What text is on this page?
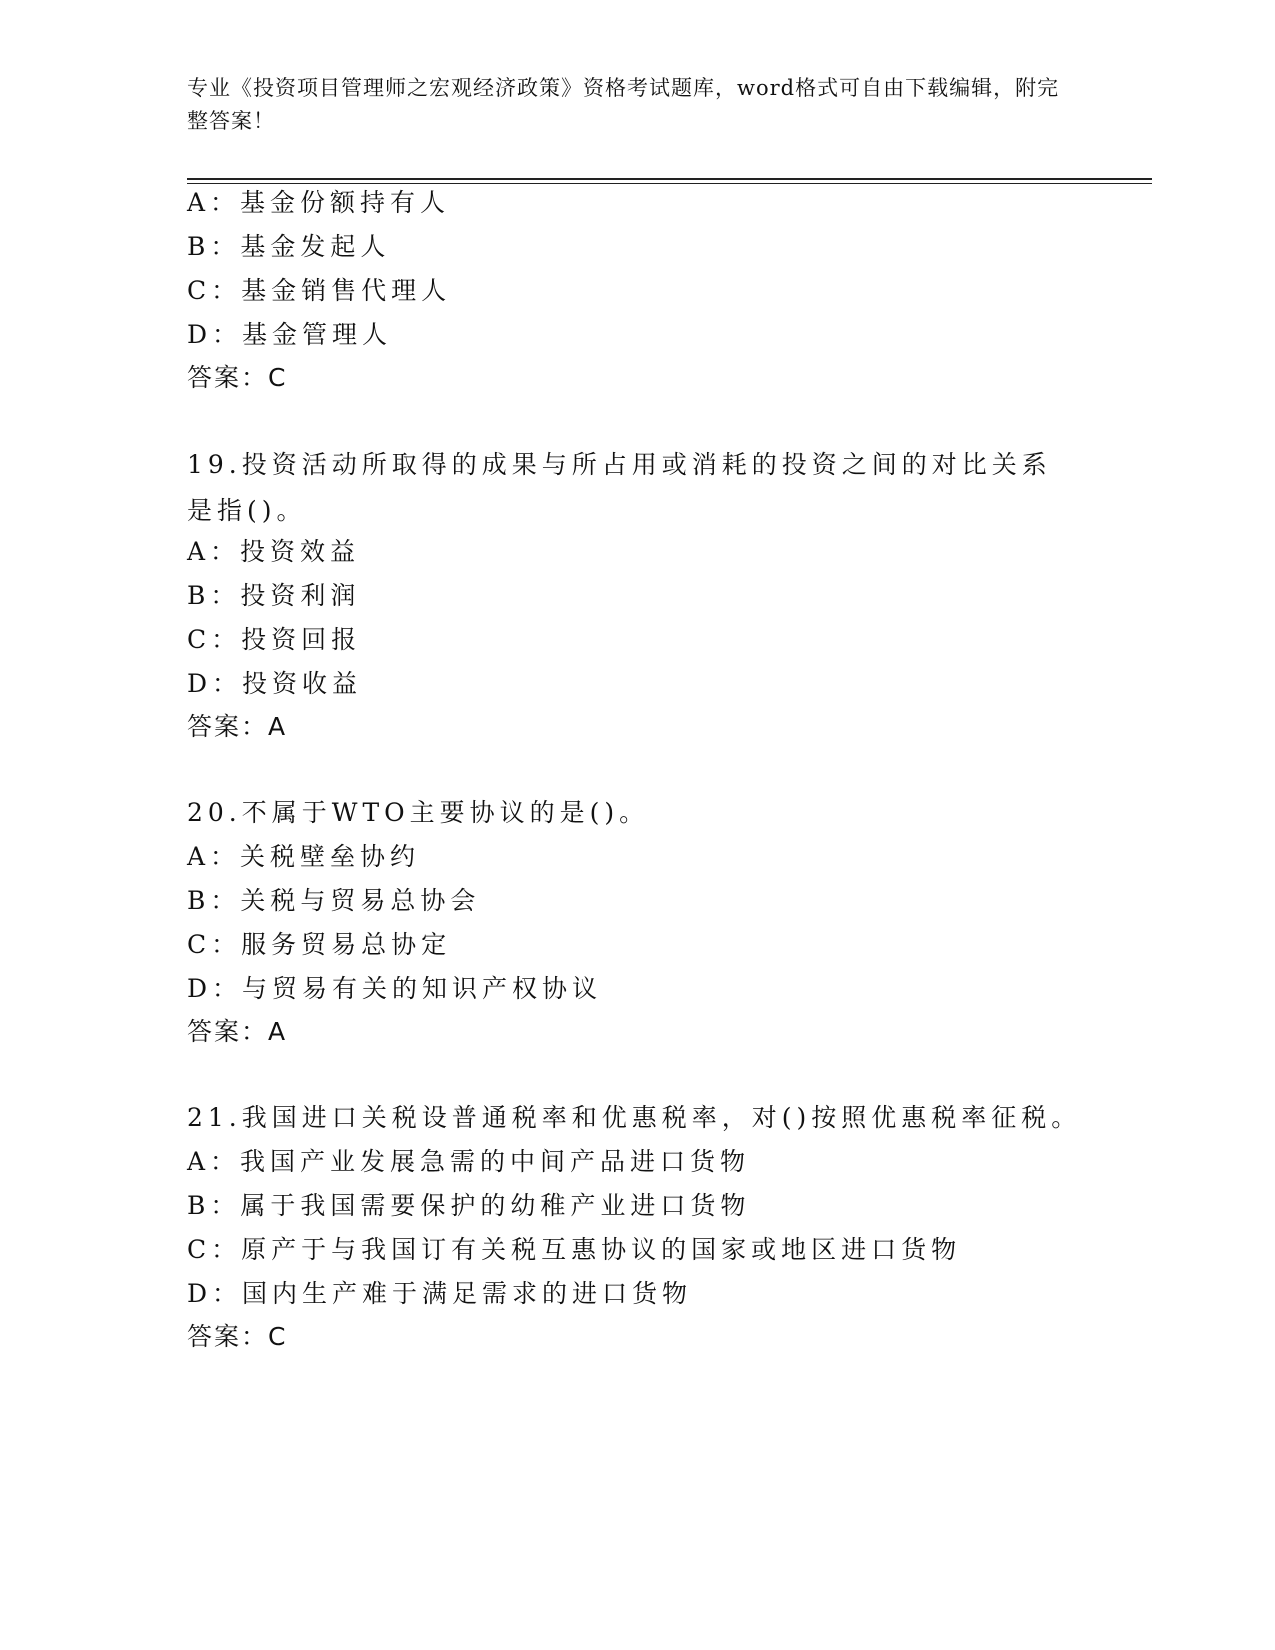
专业《投资项目管理师之宏观经济政策》资格考试题库，word格式可自由下载编辑，附完整答案！
A：基金份额持有人
B：基金发起人
C：基金销售代理人
D：基金管理人
答案：C
19.投资活动所取得的成果与所占用或消耗的投资之间的对比关系是指()。
A：投资效益
B：投资利润
C：投资回报
D：投资收益
答案：A
20.不属于WTO主要协议的是()。
A：关税壁垒协约
B：关税与贸易总协会
C：服务贸易总协定
D：与贸易有关的知识产权协议
答案：A
21.我国进口关税设普通税率和优惠税率，对()按照优惠税率征税。
A：我国产业发展急需的中间产品进口货物
B：属于我国需要保护的幼稚产业进口货物
C：原产于与我国订有关税互惠协议的国家或地区进口货物
D：国内生产难于满足需求的进口货物
答案：C
